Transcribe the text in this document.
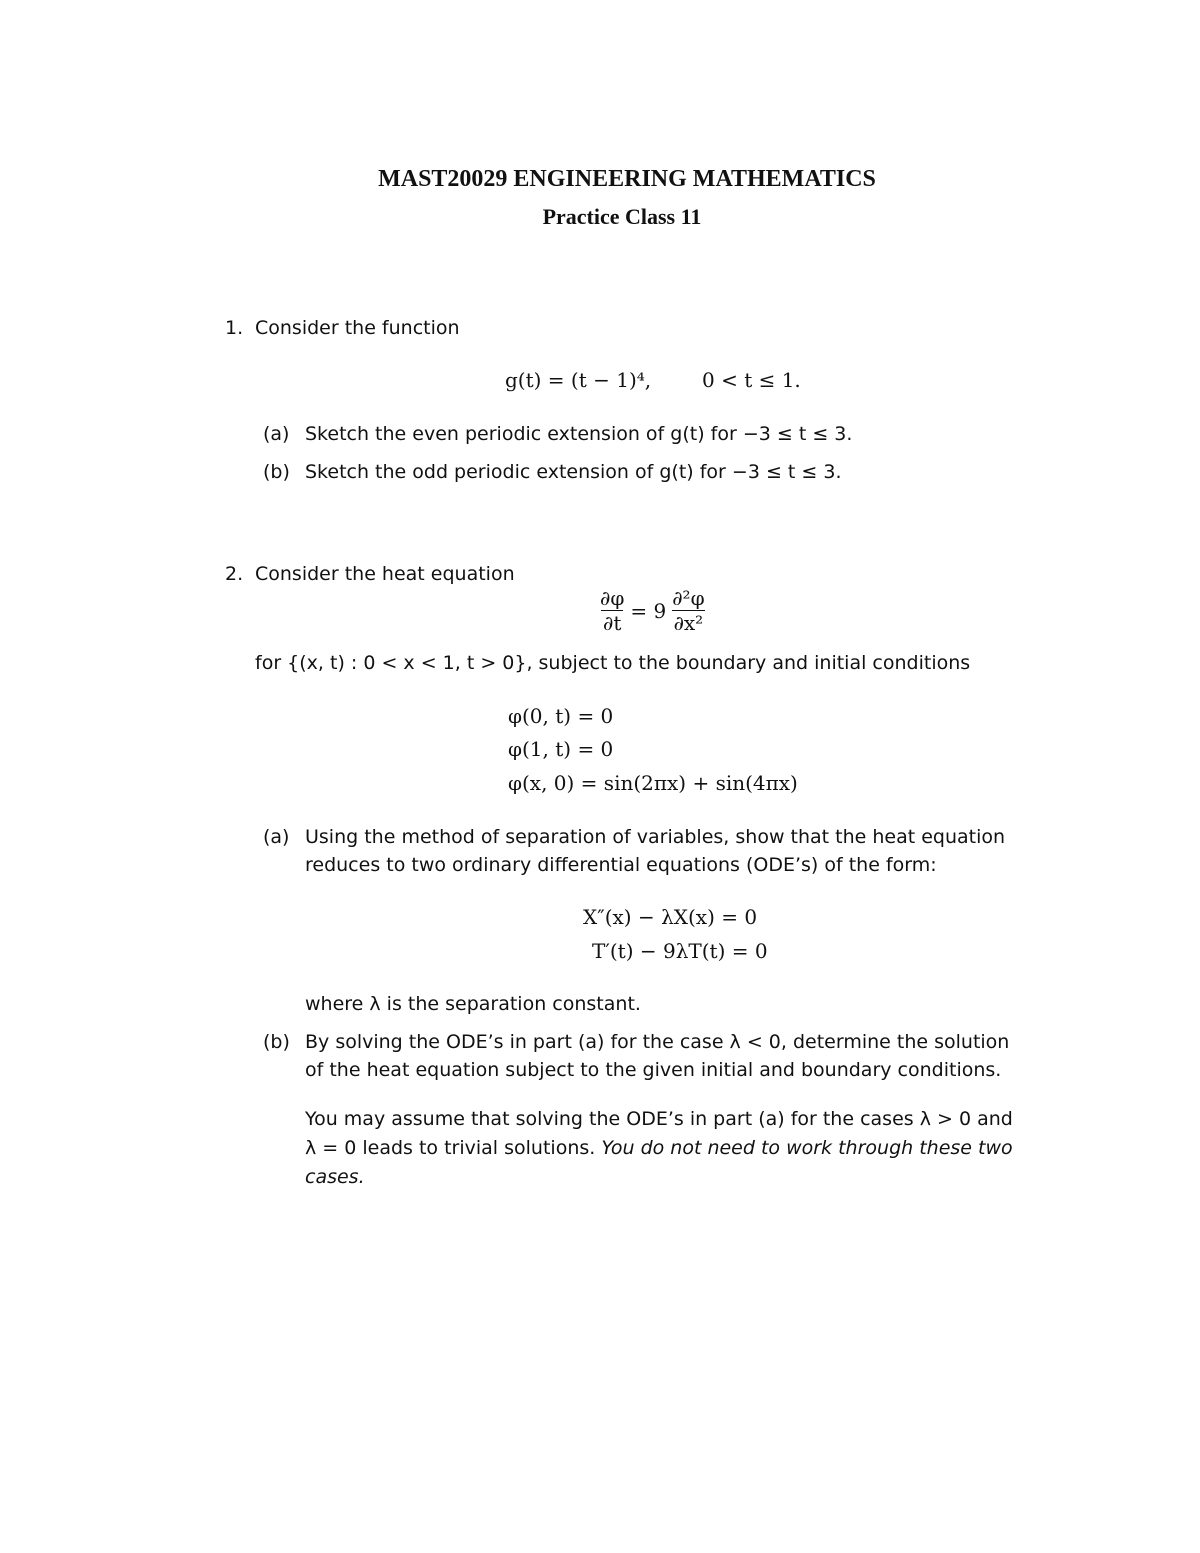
MAST20029 ENGINEERING MATHEMATICS
Practice Class 11
1. Consider the function
g(t) = (t − 1)⁴,        0 < t ≤ 1.
(a) Sketch the even periodic extension of g(t) for −3 ≤ t ≤ 3.
(b) Sketch the odd periodic extension of g(t) for −3 ≤ t ≤ 3.
2. Consider the heat equation
$\frac{\partial\varphi}{\partial t} = 9 \frac{\text{∂²φ}}{\text{∂x²}}$
for {(x, t) : 0 < x < 1, t > 0}, subject to the boundary and initial conditions
φ(0, t) = 0
φ(1, t) = 0
φ(x, 0) = sin(2πx) + sin(4πx)
(a) Using the method of separation of variables, show that the heat equation
reduces to two ordinary differential equations (ODE’s) of the form:
X″(x) − λX(x) = 0
T′(t) − 9λT(t) = 0
where λ is the separation constant.
(b) By solving the ODE’s in part (a) for the case λ < 0, determine the solution
of the heat equation subject to the given initial and boundary conditions.
You may assume that solving the ODE’s in part (a) for the cases λ > 0 and
λ = 0 leads to trivial solutions. You do not need to work through these two
cases.
